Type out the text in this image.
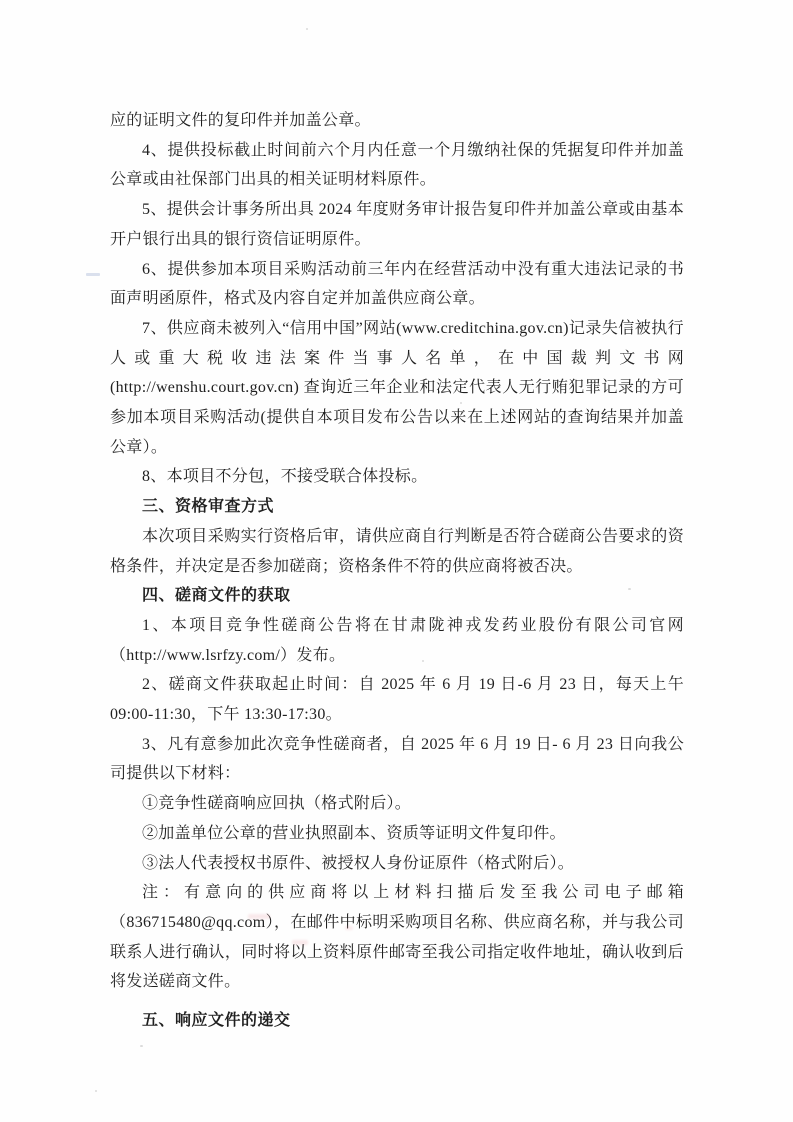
应的证明文件的复印件并加盖公章。

4、提供投标截止时间前六个月内任意一个月缴纳社保的凭据复印件并加盖公章或由社保部门出具的相关证明材料原件。

5、提供会计事务所出具 2024 年度财务审计报告复印件并加盖公章或由基本开户银行出具的银行资信证明原件。

6、提供参加本项目采购活动前三年内在经营活动中没有重大违法记录的书面声明函原件，格式及内容自定并加盖供应商公章。

7、供应商未被列入“信用中国”网站(www.creditchina.gov.cn)记录失信被执行人或重大税收违法案件当事人名单，在中国裁判文书网(http://wenshu.court.gov.cn) 查询近三年企业和法定代表人无行贿犯罪记录的方可参加本项目采购活动(提供自本项目发布公告以来在上述网站的查询结果并加盖公章）。

8、本项目不分包，不接受联合体投标。

三、资格审查方式

本次项目采购实行资格后审，请供应商自行判断是否符合磋商公告要求的资格条件，并决定是否参加磋商；资格条件不符的供应商将被否决。

四、磋商文件的获取

1、本项目竞争性磋商公告将在甘肃陇神戎发药业股份有限公司官网（http://www.lsrfzy.com/）发布。

2、磋商文件获取起止时间：自 2025 年 6 月 19 日-6 月 23 日，每天上午 09:00-11:30，下午 13:30-17:30。

3、凡有意参加此次竞争性磋商者，自 2025 年 6 月 19 日- 6 月 23 日向我公司提供以下材料：

①竞争性磋商响应回执（格式附后）。

②加盖单位公章的营业执照副本、资质等证明文件复印件。

③法人代表授权书原件、被授权人身份证原件（格式附后）。

注：有意向的供应商将以上材料扫描后发至我公司电子邮箱（836715480@qq.com），在邮件中标明采购项目名称、供应商名称，并与我公司联系人进行确认，同时将以上资料原件邮寄至我公司指定收件地址，确认收到后将发送磋商文件。

五、响应文件的递交
